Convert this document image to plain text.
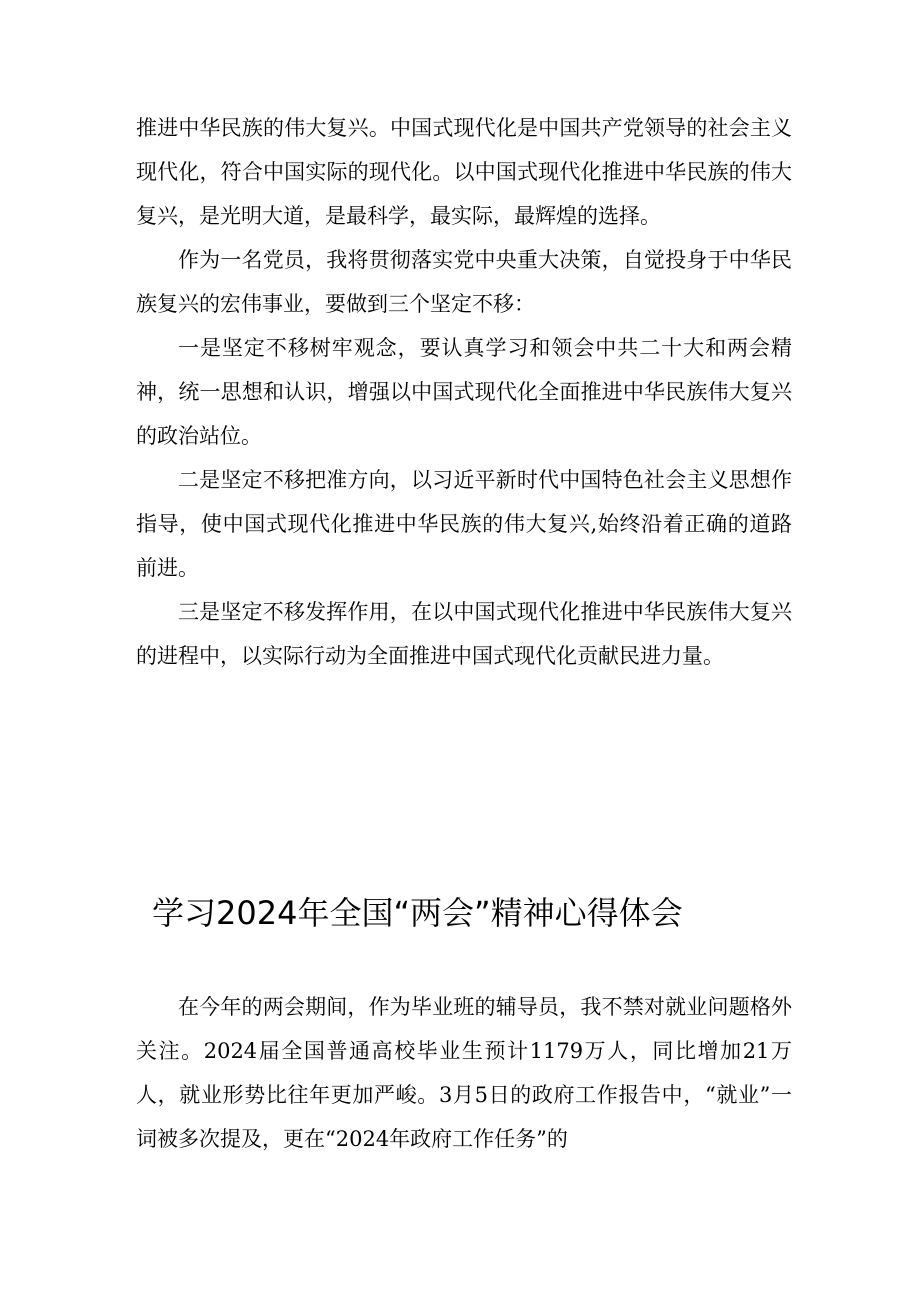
推进中华民族的伟大复兴。中国式现代化是中国共产党领导的社会主义现代化，符合中国实际的现代化。以中国式现代化推进中华民族的伟大复兴，是光明大道，是最科学，最实际，最辉煌的选择。

作为一名党员，我将贯彻落实党中央重大决策，自觉投身于中华民族复兴的宏伟事业，要做到三个坚定不移：

一是坚定不移树牢观念，要认真学习和领会中共二十大和两会精神，统一思想和认识，增强以中国式现代化全面推进中华民族伟大复兴的政治站位。

二是坚定不移把准方向，以习近平新时代中国特色社会主义思想作指导，使中国式现代化推进中华民族的伟大复兴,始终沿着正确的道路前进。

三是坚定不移发挥作用，在以中国式现代化推进中华民族伟大复兴的进程中，以实际行动为全面推进中国式现代化贡献民进力量。

学习2024年全国“两会”精神心得体会

在今年的两会期间，作为毕业班的辅导员，我不禁对就业问题格外关注。2024届全国普通高校毕业生预计1179万人，同比增加21万人，就业形势比往年更加严峻。3月5日的政府工作报告中，“就业”一词被多次提及，更在“2024年政府工作任务”的
